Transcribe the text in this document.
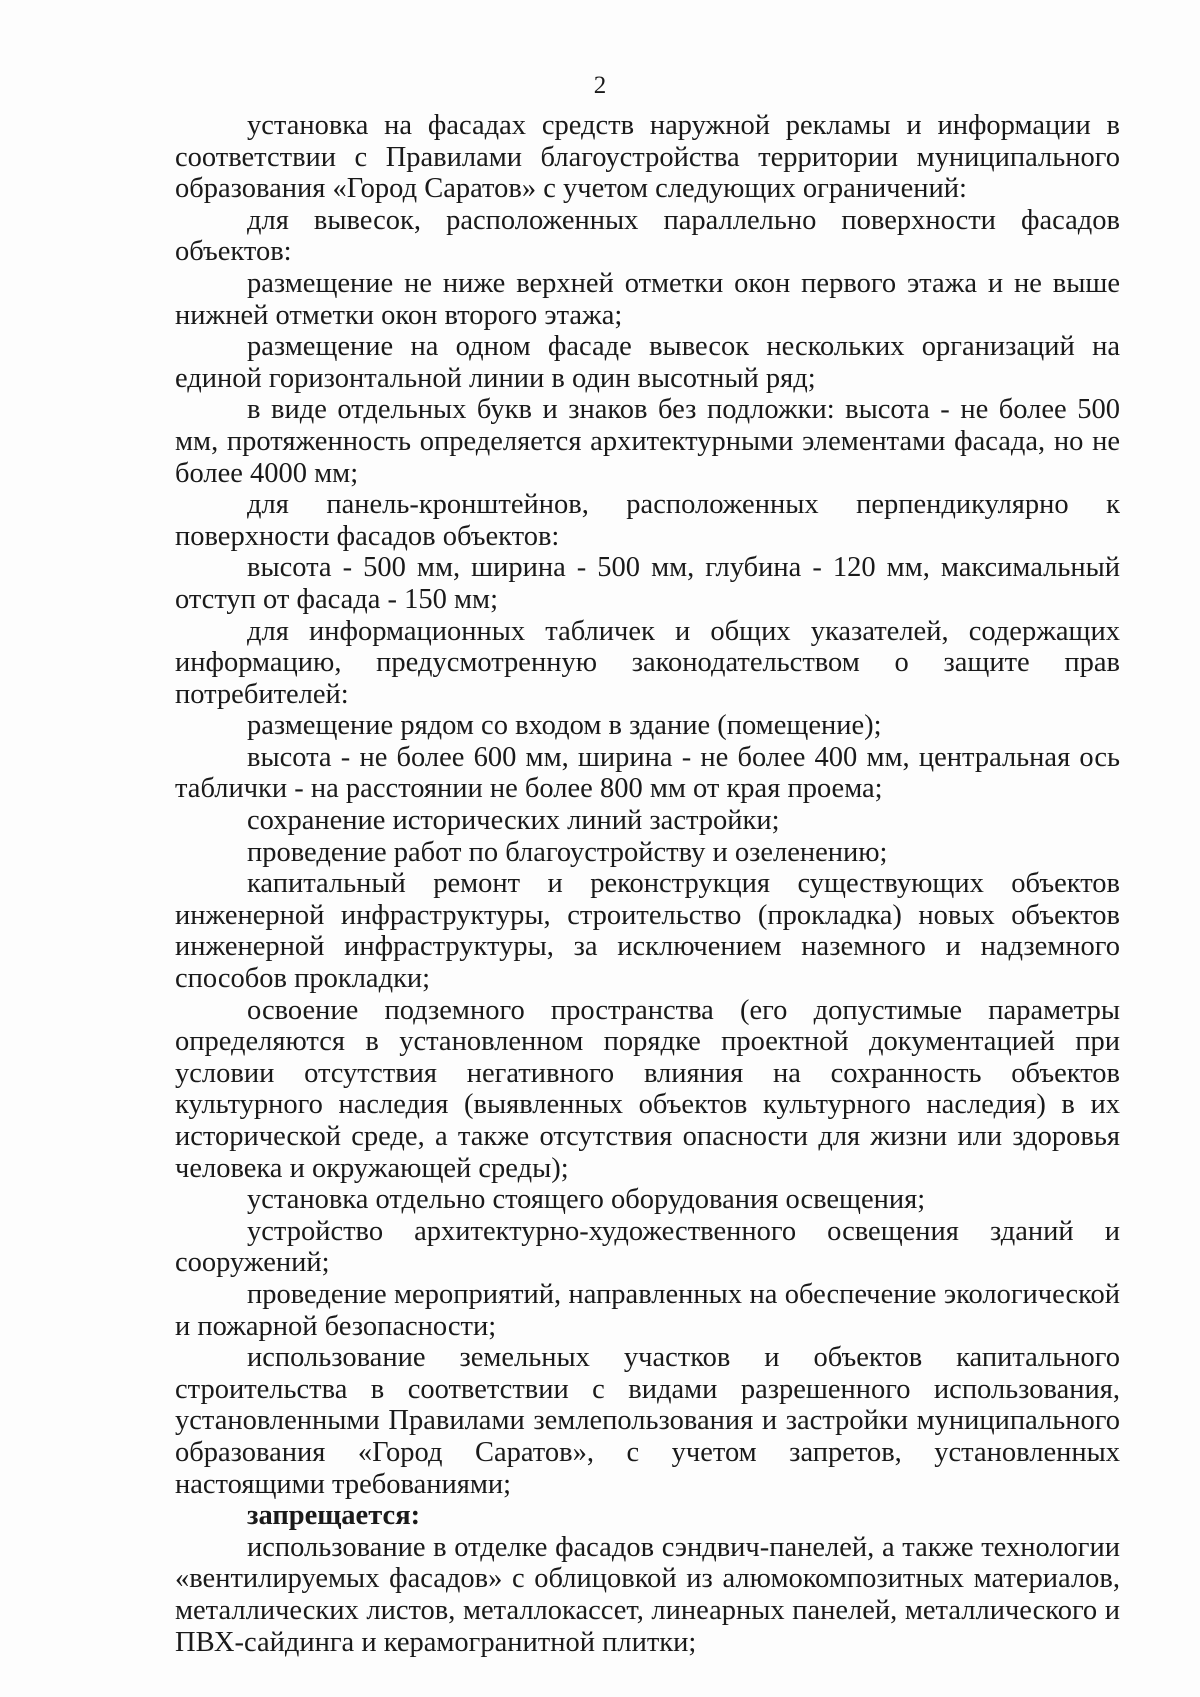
2

установка на фасадах средств наружной рекламы и информации в соответствии с Правилами благоустройства территории муниципального образования «Город Саратов» с учетом следующих ограничений:

для вывесок, расположенных параллельно поверхности фасадов объектов:

размещение не ниже верхней отметки окон первого этажа и не выше нижней отметки окон второго этажа;

размещение на одном фасаде вывесок нескольких организаций на единой горизонтальной линии в один высотный ряд;

в виде отдельных букв и знаков без подложки: высота - не более 500 мм, протяженность определяется архитектурными элементами фасада, но не более 4000 мм;

для панель-кронштейнов, расположенных перпендикулярно к поверхности фасадов объектов:

высота - 500 мм, ширина - 500 мм, глубина - 120 мм, максимальный отступ от фасада - 150 мм;

для информационных табличек и общих указателей, содержащих информацию, предусмотренную законодательством о защите прав потребителей:

размещение рядом со входом в здание (помещение);

высота - не более 600 мм, ширина - не более 400 мм, центральная ось таблички - на расстоянии не более 800 мм от края проема;

сохранение исторических линий застройки;

проведение работ по благоустройству и озеленению;

капитальный ремонт и реконструкция существующих объектов инженерной инфраструктуры, строительство (прокладка) новых объектов инженерной инфраструктуры, за исключением наземного и надземного способов прокладки;

освоение подземного пространства (его допустимые параметры определяются в установленном порядке проектной документацией при условии отсутствия негативного влияния на сохранность объектов культурного наследия (выявленных объектов культурного наследия) в их исторической среде, а также отсутствия опасности для жизни или здоровья человека и окружающей среды);

установка отдельно стоящего оборудования освещения;

устройство архитектурно-художественного освещения зданий и сооружений;

проведение мероприятий, направленных на обеспечение экологической и пожарной безопасности;

использование земельных участков и объектов капитального строительства в соответствии с видами разрешенного использования, установленными Правилами землепользования и застройки муниципального образования «Город Саратов», с учетом запретов, установленных настоящими требованиями;

запрещается:

использование в отделке фасадов сэндвич-панелей, а также технологии «вентилируемых фасадов» с облицовкой из алюмокомпозитных материалов, металлических листов, металлокассет, линеарных панелей, металлического и ПВХ-сайдинга и керамогранитной плитки;
